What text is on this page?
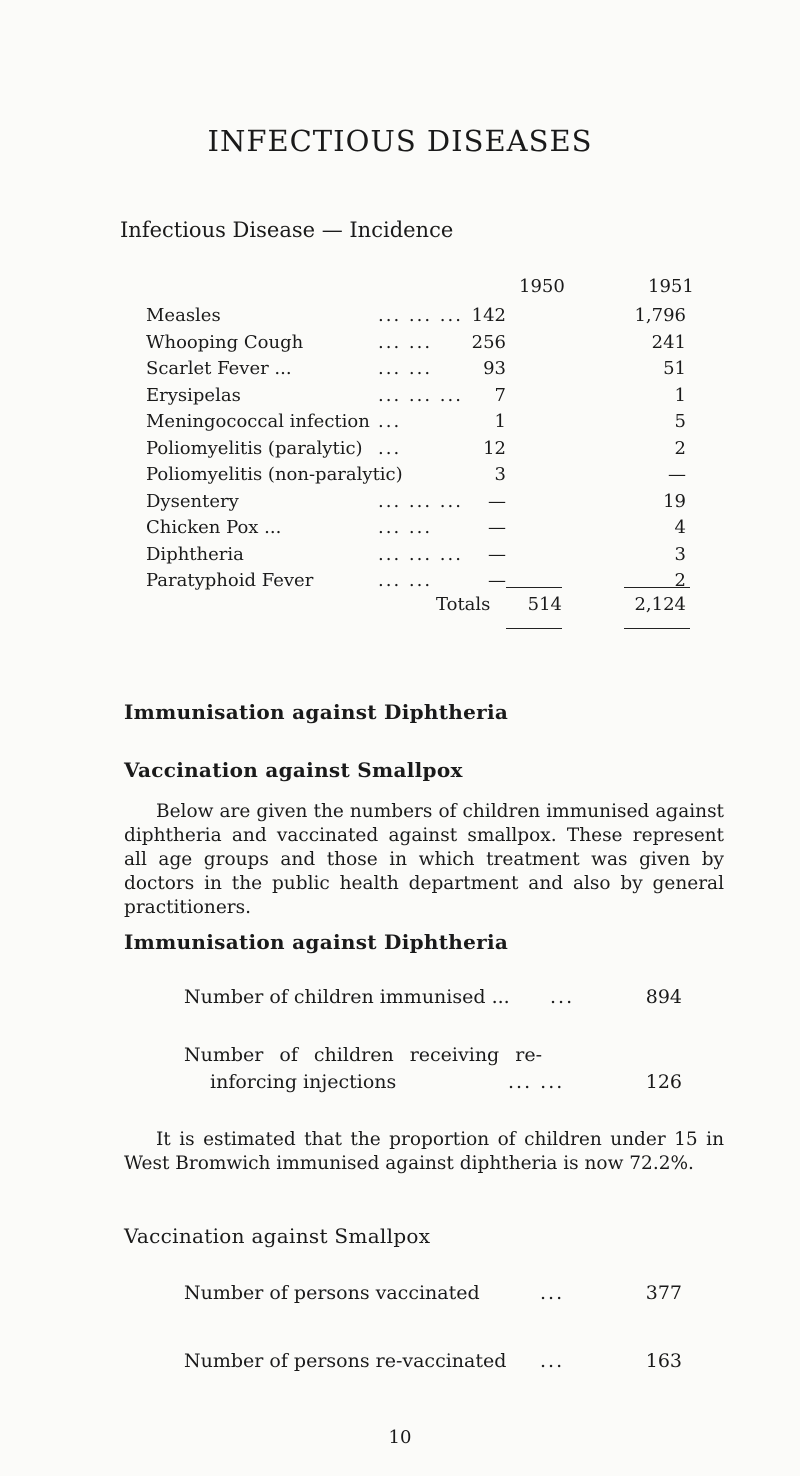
INFECTIOUS DISEASES
Infectious Disease — Incidence
1950	1951
Measles	... ... ... 142	1,796
Whooping Cough	... ... 256	241
Scarlet Fever ...	... ...	93	51
Erysipelas	... ... ... 7	1
Meningococcal infection ...	1	5
Poliomyelitis (paralytic) ...	12	2
Poliomyelitis (non-paralytic)	3	—
Dysentery	... ... ... —	19
Chicken Pox ...	... ...	—	4
Diphtheria	... ... ... —	3
Paratyphoid Fever	... ...	—	2
Totals	514	2,124
Immunisation against Diphtheria
Vaccination against Smallpox
Below are given the numbers of children immunised against diphtheria and vaccinated against smallpox. These represent all age groups and those in which treatment was given by doctors in the public health department and also by general practitioners.
Immunisation against Diphtheria
Number of children immunised ... ...	894
Number of children receiving re-
inforcing injections	... ...	126
It is estimated that the proportion of children under 15 in West Bromwich immunised against diphtheria is now 72.2%.
Vaccination against Smallpox
Number of persons vaccinated	...	377
Number of persons re-vaccinated ...	163
10
